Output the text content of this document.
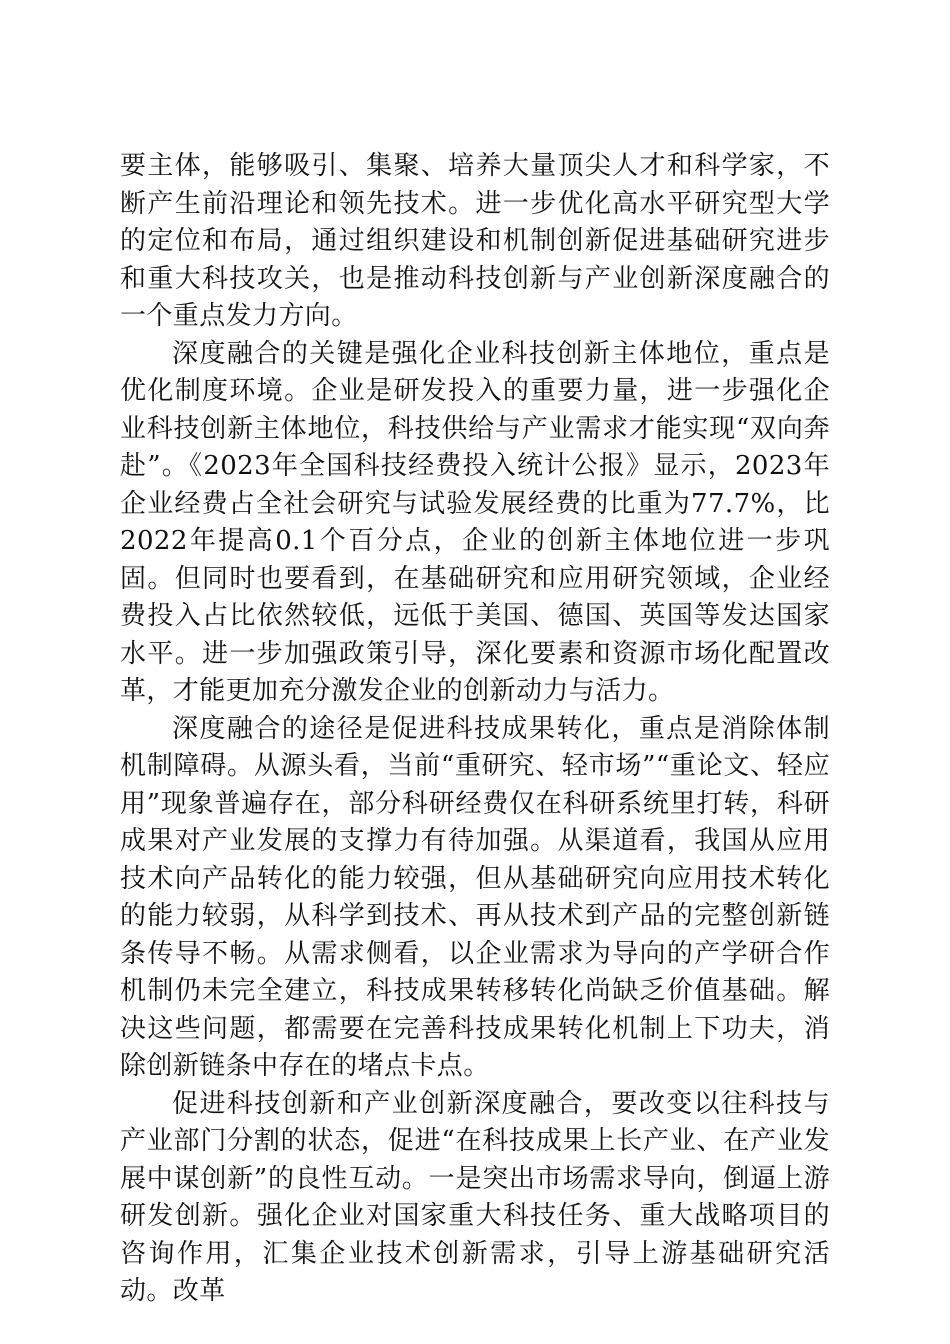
要主体，能够吸引、集聚、培养大量顶尖人才和科学家，不断产生前沿理论和领先技术。进一步优化高水平研究型大学的定位和布局，通过组织建设和机制创新促进基础研究进步和重大科技攻关，也是推动科技创新与产业创新深度融合的一个重点发力方向。

深度融合的关键是强化企业科技创新主体地位，重点是优化制度环境。企业是研发投入的重要力量，进一步强化企业科技创新主体地位，科技供给与产业需求才能实现“双向奔赴”。《2023年全国科技经费投入统计公报》显示，2023年企业经费占全社会研究与试验发展经费的比重为77.7%，比2022年提高0.1个百分点，企业的创新主体地位进一步巩固。但同时也要看到，在基础研究和应用研究领域，企业经费投入占比依然较低，远低于美国、德国、英国等发达国家水平。进一步加强政策引导，深化要素和资源市场化配置改革，才能更加充分激发企业的创新动力与活力。

深度融合的途径是促进科技成果转化，重点是消除体制机制障碍。从源头看，当前“重研究、轻市场”“重论文、轻应用”现象普遍存在，部分科研经费仅在科研系统里打转，科研成果对产业发展的支撑力有待加强。从渠道看，我国从应用技术向产品转化的能力较强，但从基础研究向应用技术转化的能力较弱，从科学到技术、再从技术到产品的完整创新链条传导不畅。从需求侧看，以企业需求为导向的产学研合作机制仍未完全建立，科技成果转移转化尚缺乏价值基础。解决这些问题，都需要在完善科技成果转化机制上下功夫，消除创新链条中存在的堵点卡点。

促进科技创新和产业创新深度融合，要改变以往科技与产业部门分割的状态，促进“在科技成果上长产业、在产业发展中谋创新”的良性互动。一是突出市场需求导向，倒逼上游研发创新。强化企业对国家重大科技任务、重大战略项目的咨询作用，汇集企业技术创新需求，引导上游基础研究活动。改革
